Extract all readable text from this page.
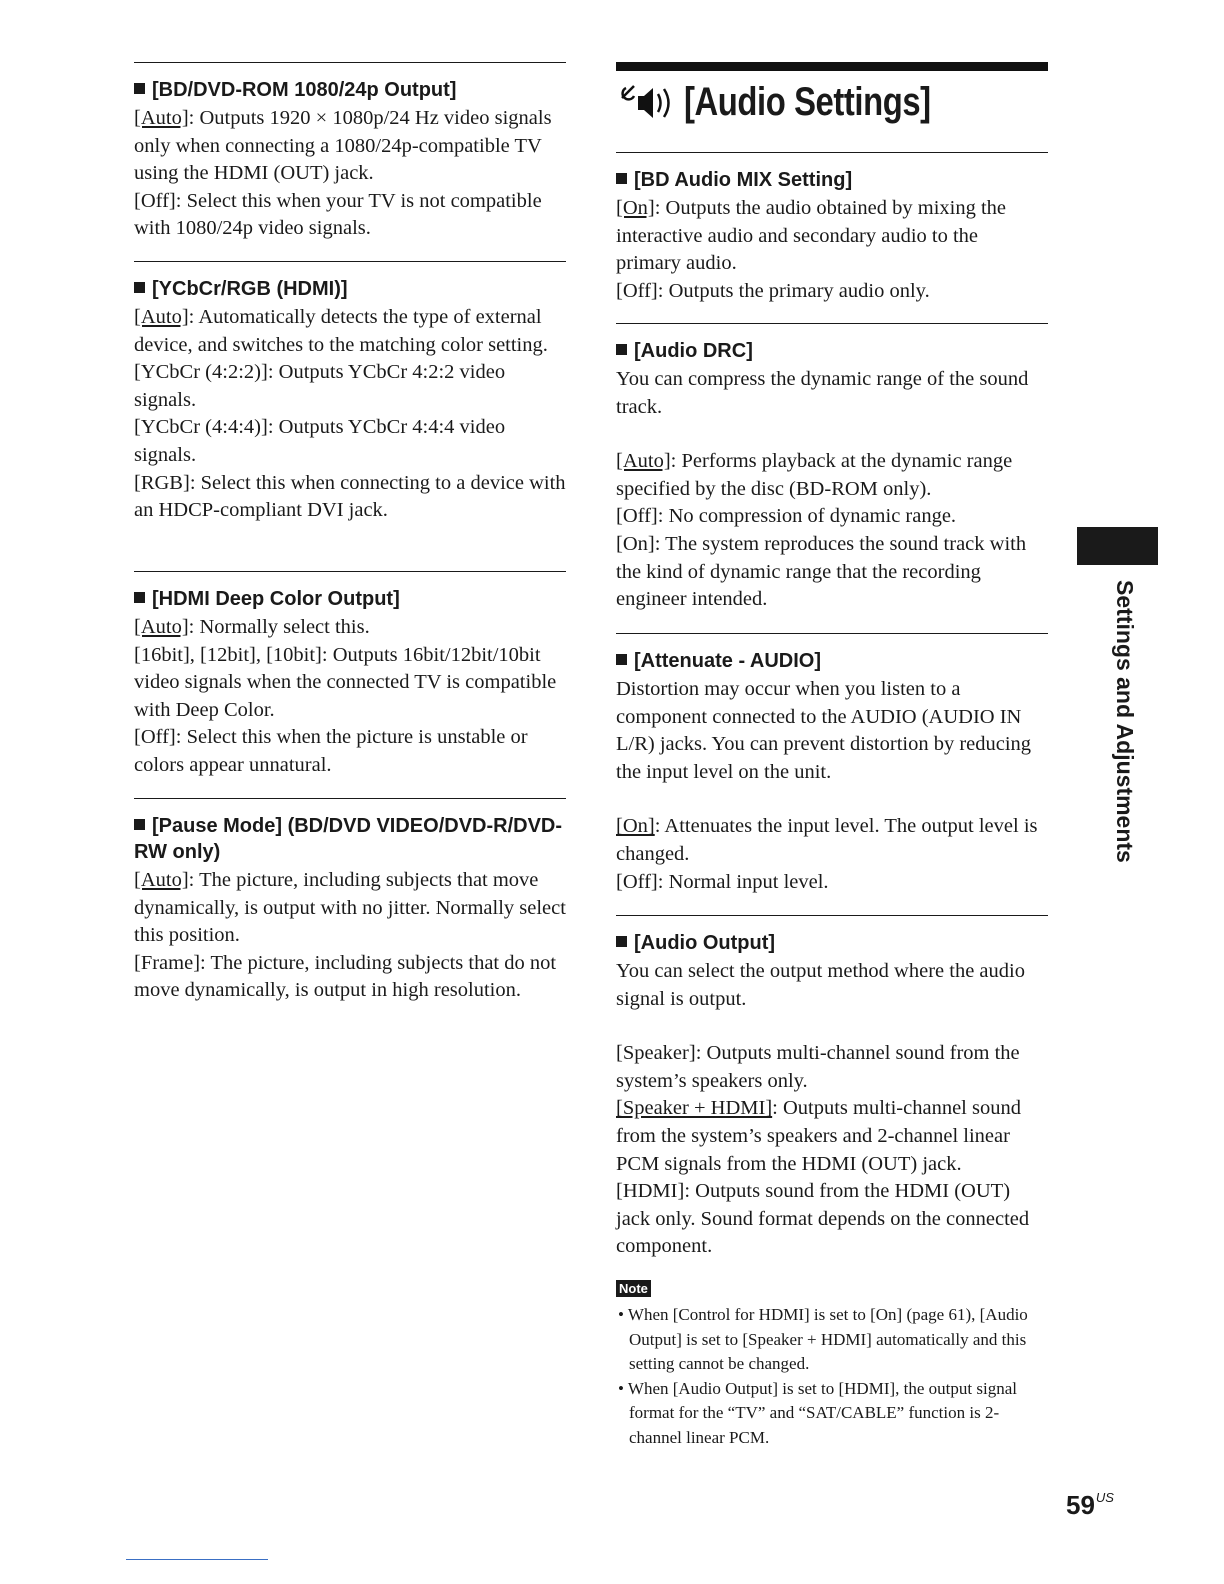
[BD/DVD-ROM 1080/24p Output]

[Auto]: Outputs 1920 × 1080p/24 Hz video signals only when connecting a 1080/24p-compatible TV using the HDMI (OUT) jack.

[Off]: Select this when your TV is not compatible with 1080/24p video signals.

[YCbCr/RGB (HDMI)]

[Auto]: Automatically detects the type of external device, and switches to the matching color setting.

[YCbCr (4:2:2)]: Outputs YCbCr 4:2:2 video signals.

[YCbCr (4:4:4)]: Outputs YCbCr 4:4:4 video signals.

[RGB]: Select this when connecting to a device with an HDCP-compliant DVI jack.

[HDMI Deep Color Output]

[Auto]: Normally select this.

[16bit], [12bit], [10bit]: Outputs 16bit/12bit/10bit video signals when the connected TV is compatible with Deep Color.

[Off]: Select this when the picture is unstable or colors appear unnatural.

[Pause Mode] (BD/DVD VIDEO/DVD-R/DVD-RW only)

[Auto]: The picture, including subjects that move dynamically, is output with no jitter. Normally select this position.

[Frame]: The picture, including subjects that do not move dynamically, is output in high resolution.

[Audio Settings]

[BD Audio MIX Setting]

[On]: Outputs the audio obtained by mixing the interactive audio and secondary audio to the primary audio.

[Off]: Outputs the primary audio only.

[Audio DRC]

You can compress the dynamic range of the sound track.

[Auto]: Performs playback at the dynamic range specified by the disc (BD-ROM only).

[Off]: No compression of dynamic range.

[On]: The system reproduces the sound track with the kind of dynamic range that the recording engineer intended.

[Attenuate - AUDIO]

Distortion may occur when you listen to a component connected to the AUDIO (AUDIO IN L/R) jacks. You can prevent distortion by reducing the input level on the unit.

[On]: Attenuates the input level. The output level is changed.

[Off]: Normal input level.

[Audio Output]

You can select the output method where the audio signal is output.

[Speaker]: Outputs multi-channel sound from the system’s speakers only.

[Speaker + HDMI]: Outputs multi-channel sound from the system’s speakers and 2-channel linear PCM signals from the HDMI (OUT) jack.

[HDMI]: Outputs sound from the HDMI (OUT) jack only. Sound format depends on the connected component.

Note

• When [Control for HDMI] is set to [On] (page 61), [Audio Output] is set to [Speaker + HDMI] automatically and this setting cannot be changed.

• When [Audio Output] is set to [HDMI], the output signal format for the “TV” and “SAT/CABLE” function is 2-channel linear PCM.

Settings and Adjustments
$59^{US}$
